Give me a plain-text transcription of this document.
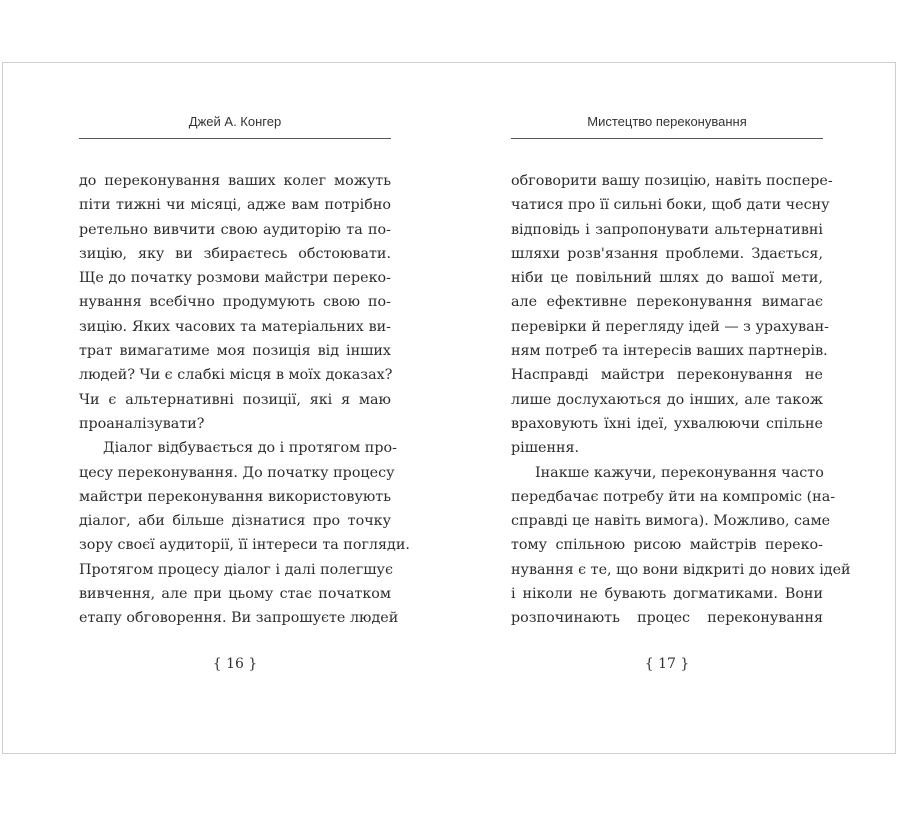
Джей А. Конгер
до переконування ваших колег можуть
піти тижні чи місяці, адже вам потрібно
ретельно вивчити свою аудиторію та по-
зицію, яку ви збираєтесь обстоювати.
Ще до початку розмови майстри переко-
нування всебічно продумують свою по-
зицію. Яких часових та матеріальних ви-
трат вимагатиме моя позиція від інших
людей? Чи є слабкі місця в моїх доказах?
Чи є альтернативні позиції, які я маю
проаналізувати?
Діалог відбувається до і протягом про-
цесу переконування. До початку процесу
майстри переконування використовують
діалог, аби більше дізнатися про точку
зору своєї аудиторії, її інтереси та погляди.
Протягом процесу діалог і далі полегшує
вивчення, але при цьому стає початком
етапу обговорення. Ви запрошуєте людей
{ 16 }
Мистецтво переконування
обговорити вашу позицію, навіть посперe-
чатися про її сильні боки, щоб дати чесну
відповідь і запропонувати альтернативні
шляхи розв'язання проблеми. Здається,
ніби це повільний шлях до вашої мети,
але ефективне переконування вимагає
перевірки й перегляду ідей — з урахуван-
ням потреб та інтересів ваших партнерів.
Насправді майстри переконування не
лише дослухаються до інших, але також
враховують їхні ідеї, ухвалюючи спільне
рішення.
Інакше кажучи, переконування часто
передбачає потребу йти на компроміс (на-
справді це навіть вимога). Можливо, саме
тому спільною рисою майстрів переко-
нування є те, що вони відкриті до нових ідей
і ніколи не бувають догматиками. Вони
розпочинають процес переконування
{ 17 }
